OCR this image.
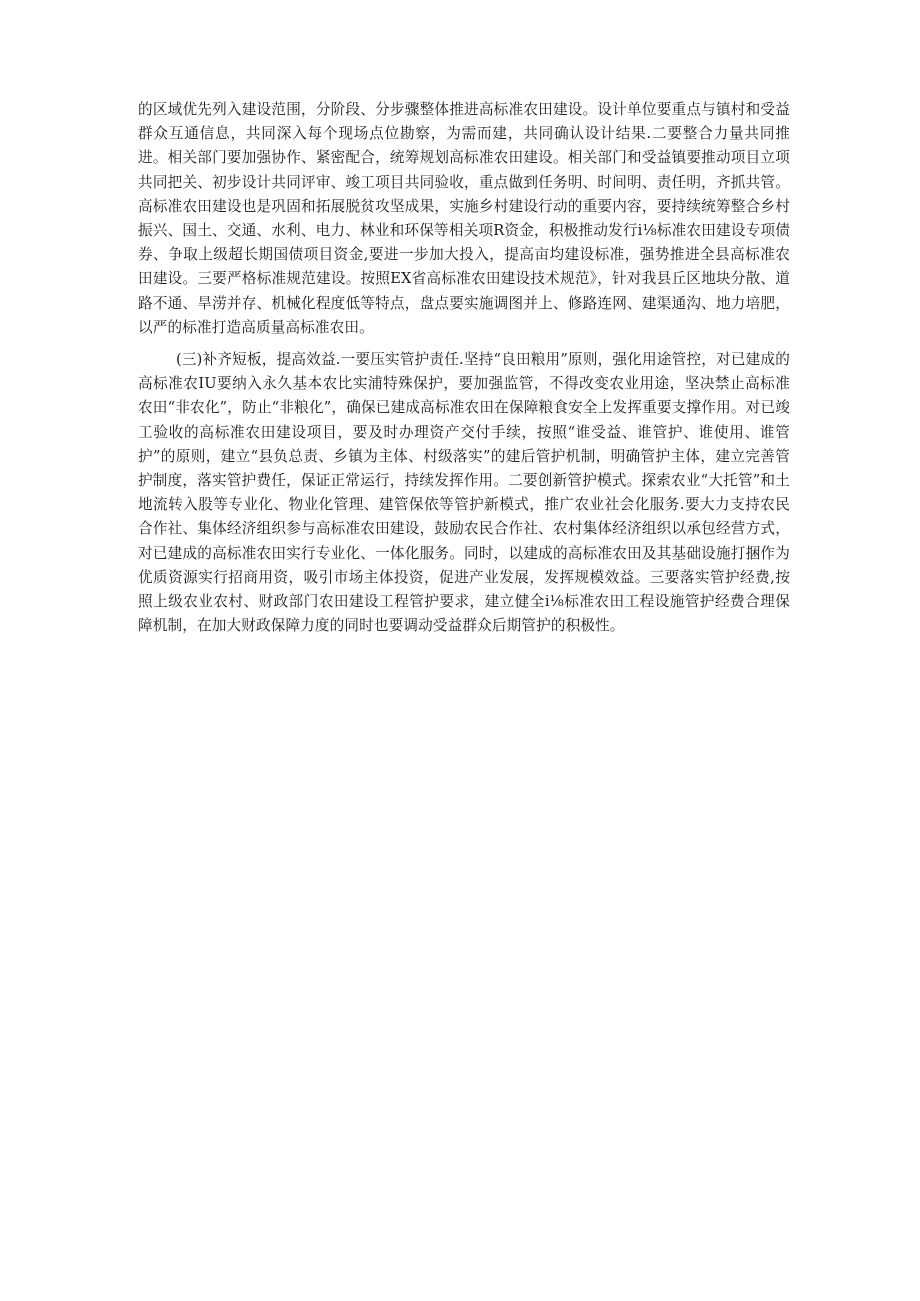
的区域优先列入建设范围，分阶段、分步骤整体推进高标准农田建设。设计单位要重点与镇村和受益群众互通信息，共同深入每个现场点位勘察，为需而建，共同确认设计结果.二要整合力量共同推进。相关部门要加强协作、紧密配合，统筹规划高标准农田建设。相关部门和受益镇要推动项目立项共同把关、初步设计共同评审、竣工项目共同验收，重点做到任务明、时间明、责任明，齐抓共管。高标准农田建设也是巩固和拓展脱贫攻坚成果，实施乡村建设行动的重要内容，要持续统筹整合乡村振兴、国土、交通、水利、电力、林业和环保等相关项R资金，积极推动发行i⅛标准农田建设专项债券、争取上级超长期国债项目资金,要进一步加大投入，提高亩均建设标准，强势推进全县高标准农田建设。三要严格标准规范建设。按照EX省高标准农田建设技术规范》，针对我县丘区地块分散、道路不通、旱涝并存、机械化程度低等特点，盘点要实施调图并上、修路连网、建渠通沟、地力培肥，以严的标准打造高质量高标准农田。

(三)补齐短板，提高效益.一要压实管护责任.坚持“良田粮用”原则，强化用途管控，对已建成的高标准农IU要纳入永久基本农比实浦特殊保护，要加强监管，不得改变农业用途，坚决禁止高标准农田“非农化”，防止“非粮化”，确保已建成高标准农田在保障粮食安全上发挥重要支撑作用。对已竣工验收的高标准农田建设项目，要及时办理资产交付手续，按照“谁受益、谁管护、谁使用、谁管护”的原则，建立“县负总责、乡镇为主体、村级落实”的建后管护机制，明确管护主体，建立完善管护制度，落实管护费任，保证正常运行，持续发挥作用。二要创新管护模式。探索农业“大托管”和土地流转入股等专业化、物业化管理、建管保依等管护新模式，推广农业社会化服务.要大力支持农民合作社、集体经济组织参与高标准农田建设，鼓励农民合作社、农村集体经济组织以承包经营方式，对已建成的高标准农田实行专业化、一体化服务。同时，以建成的高标准农田及其基础设施打捆作为优质资源实行招商用资，吸引市场主体投资，促进产业发展，发挥规模效益。三要落实管护经费,按照上级农业农村、财政部门农田建设工程管护要求，建立健全i⅛标准农田工程设施管护经费合理保障机制，在加大财政保障力度的同时也要调动受益群众后期管护的积极性。
